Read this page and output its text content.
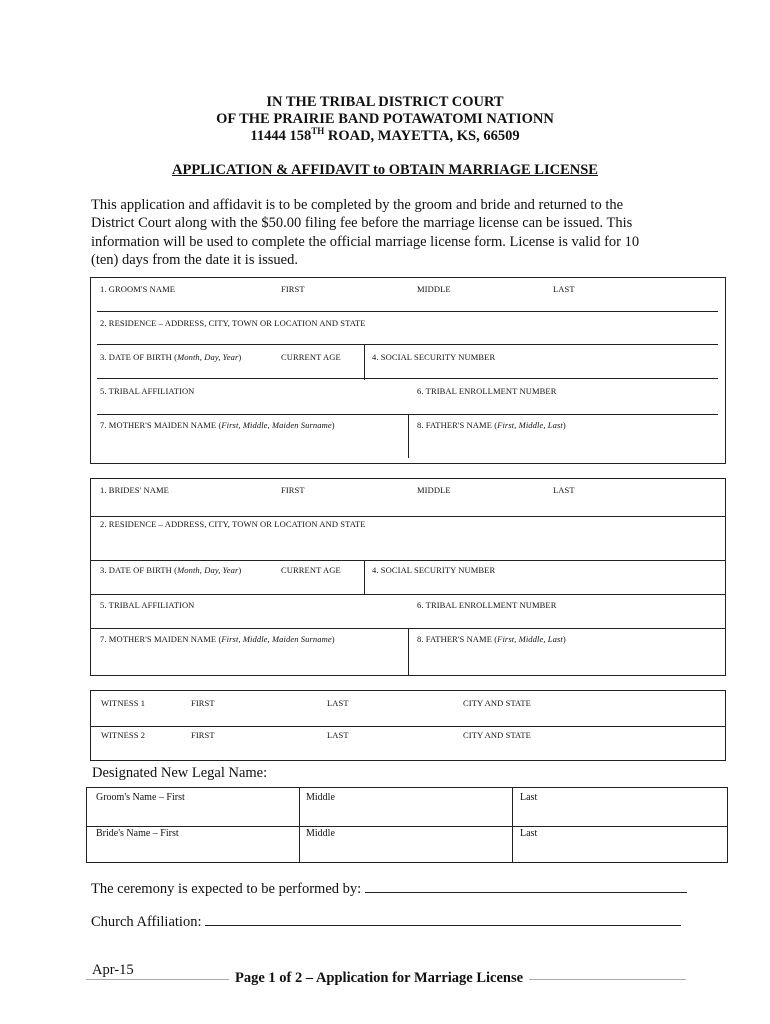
IN THE TRIBAL DISTRICT COURT
OF THE PRAIRIE BAND POTAWATOMI NATIONN
11444 158TH ROAD, MAYETTA, KS, 66509
APPLICATION & AFFIDAVIT to OBTAIN MARRIAGE LICENSE
This application and affidavit is to be completed by the groom and bride and returned to the
District Court along with the $50.00 filing fee before the marriage license can be issued. This
information will be used to complete the official marriage license form. License is valid for 10
(ten) days from the date it is issued.
1. GROOM'S NAME	FIRST	MIDDLE	LAST
2. RESIDENCE – ADDRESS, CITY, TOWN OR LOCATION AND STATE
3. DATE OF BIRTH (Month, Day, Year)	CURRENT AGE	4. SOCIAL SECURITY NUMBER
5. TRIBAL AFFILIATION	6. TRIBAL ENROLLMENT NUMBER
7. MOTHER'S MAIDEN NAME (First, Middle, Maiden Surname)	8. FATHER'S NAME (First, Middle, Last)
1. BRIDES' NAME	FIRST	MIDDLE	LAST
2. RESIDENCE – ADDRESS, CITY, TOWN OR LOCATION AND STATE
3. DATE OF BIRTH (Month, Day, Year)	CURRENT AGE	4. SOCIAL SECURITY NUMBER
5. TRIBAL AFFILIATION	6. TRIBAL ENROLLMENT NUMBER
7. MOTHER'S MAIDEN NAME (First, Middle, Maiden Surname)	8. FATHER'S NAME (First, Middle, Last)
WITNESS 1	FIRST	LAST	CITY AND STATE
WITNESS 2	FIRST	LAST	CITY AND STATE
Designated New Legal Name:
Groom's Name – First	Middle	Last
Bride's Name – First	Middle	Last
The ceremony is expected to be performed by:
Church Affiliation:
Apr-15	Page 1 of 2 – Application for Marriage License
